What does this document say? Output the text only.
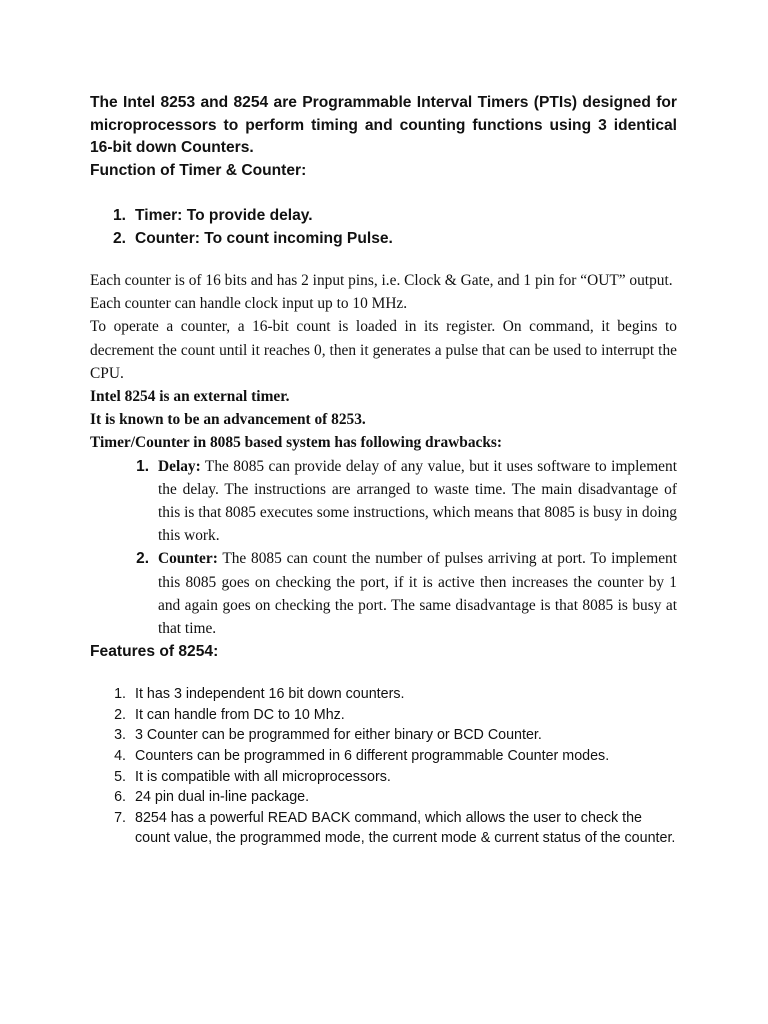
The Intel 8253 and 8254 are Programmable Interval Timers (PTIs) designed for microprocessors to perform timing and counting functions using 3 identical 16-bit down Counters.

Function of Timer & Counter:

1. Timer: To provide delay.
2. Counter: To count incoming Pulse.

Each counter is of 16 bits and has 2 input pins, i.e. Clock & Gate, and 1 pin for “OUT” output.

Each counter can handle clock input up to 10 MHz.

To operate a counter, a 16-bit count is loaded in its register. On command, it begins to decrement the count until it reaches 0, then it generates a pulse that can be used to interrupt the CPU.

Intel 8254 is an external timer.

It is known to be an advancement of 8253.

Timer/Counter in 8085 based system has following drawbacks:

1. Delay: The 8085 can provide delay of any value, but it uses software to implement the delay. The instructions are arranged to waste time. The main disadvantage of this is that 8085 executes some instructions, which means that 8085 is busy in doing this work.
2. Counter: The 8085 can count the number of pulses arriving at port. To implement this 8085 goes on checking the port, if it is active then increases the counter by 1 and again goes on checking the port. The same disadvantage is that 8085 is busy at that time.

Features of 8254:

1. It has 3 independent 16 bit down counters.
2. It can handle from DC to 10 Mhz.
3. 3 Counter can be programmed for either binary or BCD Counter.
4. Counters can be programmed in 6 different programmable Counter modes.
5. It is compatible with all microprocessors.
6. 24 pin dual in-line package.
7. 8254 has a powerful READ BACK command, which allows the user to check the count value, the programmed mode, the current mode & current status of the counter.
